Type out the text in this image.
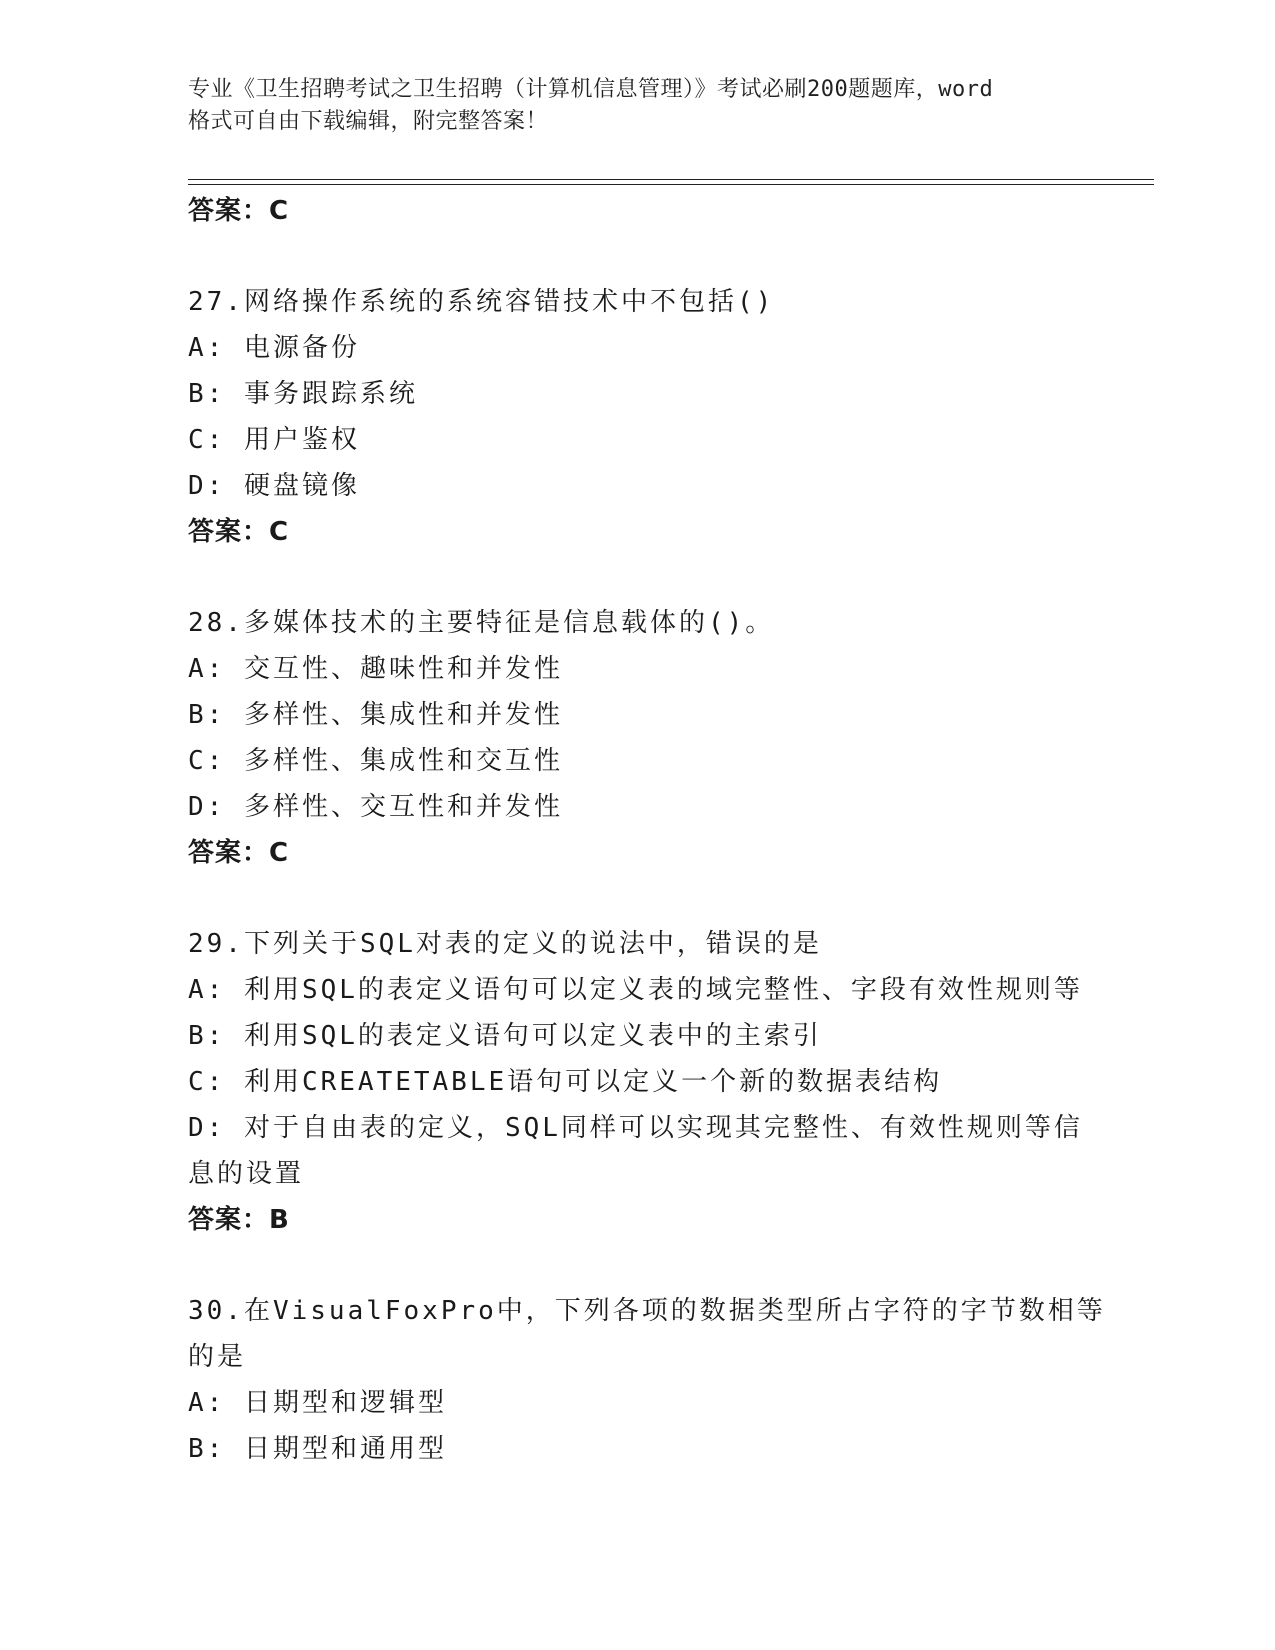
专业《卫生招聘考试之卫生招聘（计算机信息管理）》考试必刷200题题库，word
格式可自由下载编辑，附完整答案！
答案：C
27.网络操作系统的系统容错技术中不包括()
A: 电源备份
B: 事务跟踪系统
C: 用户鉴权
D: 硬盘镜像
答案：C
28.多媒体技术的主要特征是信息载体的()。
A: 交互性、趣味性和并发性
B: 多样性、集成性和并发性
C: 多样性、集成性和交互性
D: 多样性、交互性和并发性
答案：C
29.下列关于SQL对表的定义的说法中，错误的是
A: 利用SQL的表定义语句可以定义表的域完整性、字段有效性规则等
B: 利用SQL的表定义语句可以定义表中的主索引
C: 利用CREATETABLE语句可以定义一个新的数据表结构
D: 对于自由表的定义，SQL同样可以实现其完整性、有效性规则等信
息的设置
答案：B
30.在VisualFoxPro中，下列各项的数据类型所占字符的字节数相等
的是
A: 日期型和逻辑型
B: 日期型和通用型
